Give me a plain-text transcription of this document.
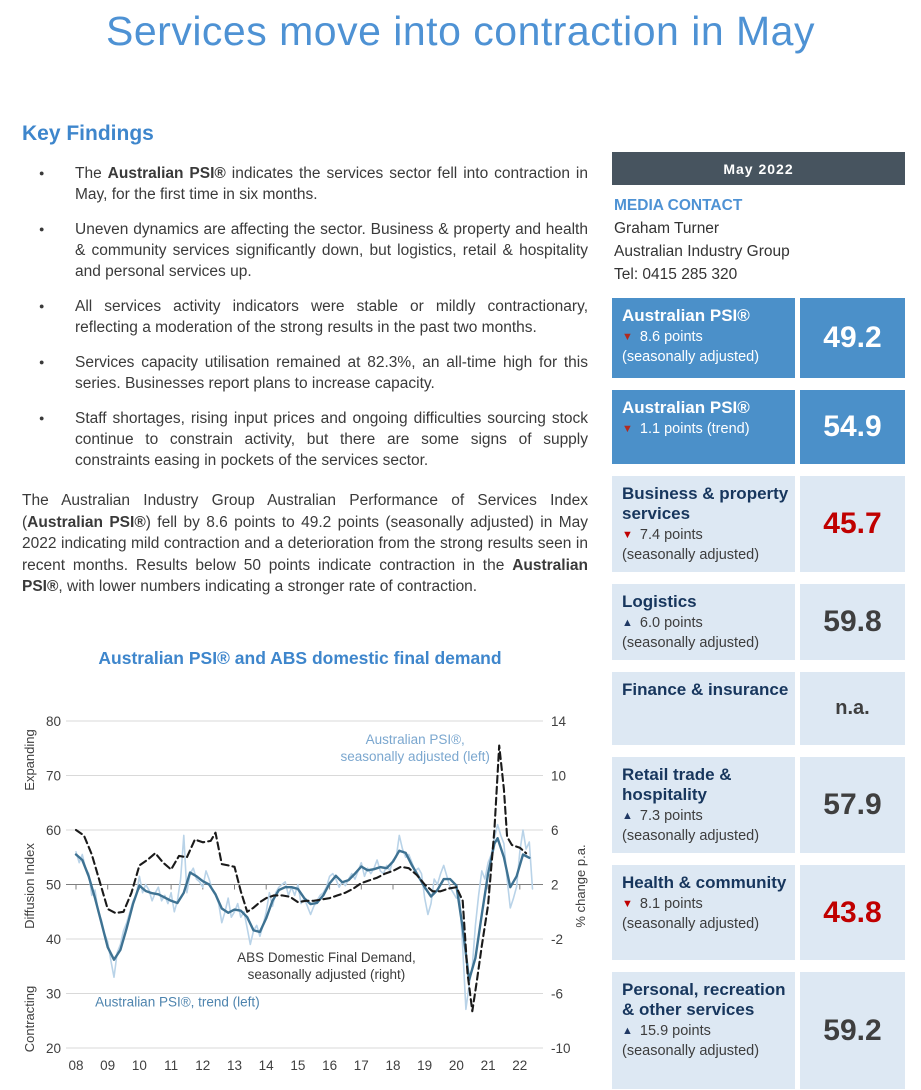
Services move into contraction in May
Key Findings
●	The Australian PSI® indicates the services sector fell into contraction in May, for the first time in six months.
●	Uneven dynamics are affecting the sector. Business & property and health & community services significantly down, but logistics, retail & hospitality and personal services up.
●	All services activity indicators were stable or mildly contractionary, reflecting a moderation of the strong results in the past two months.
●	Services capacity utilisation remained at 82.3%, an all-time high for this series. Businesses report plans to increase capacity.
●	Staff shortages, rising input prices and ongoing difficulties sourcing stock continue to constrain activity, but there are some signs of supply constraints easing in pockets of the services sector.

The Australian Industry Group Australian Performance of Services Index (Australian PSI®) fell by 8.6 points to 49.2 points (seasonally adjusted) in May 2022 indicating mild contraction and a deterioration from the strong results seen in recent months. Results below 50 points indicate contraction in the Australian PSI®, with lower numbers indicating a stronger rate of contraction.

Australian PSI® and ABS domestic final demand
80	14
70	10
60	6
50	2
40	-2
30	-6
20	-10
08 09 10 11 12 13 14 15 16 17 18 19 20 21 22
Expanding
Diffusion Index
Contracting
% change p.a.
Australian PSI®, seasonally adjusted (left)
ABS Domestic Final Demand, seasonally adjusted (right)
Australian PSI®, trend (left)
May 2022
MEDIA CONTACT
Graham Turner
Australian Industry Group
Tel: 0415 285 320
Australian PSI®
▼ 8.6 points
(seasonally adjusted)
49.2
Australian PSI®
▼ 1.1 points (trend)	54.9
Business & property services
▼ 7.4 points
(seasonally adjusted)
45.7
Logistics
▲ 6.0 points
(seasonally adjusted)
59.8
Finance & insurance
n.a.
Retail trade & hospitality
▲ 7.3 points
(seasonally adjusted)
57.9
Health & community
▼ 8.1 points
(seasonally adjusted)	43.8
Personal, recreation & other services
▲ 15.9 points
(seasonally adjusted)
59.2
